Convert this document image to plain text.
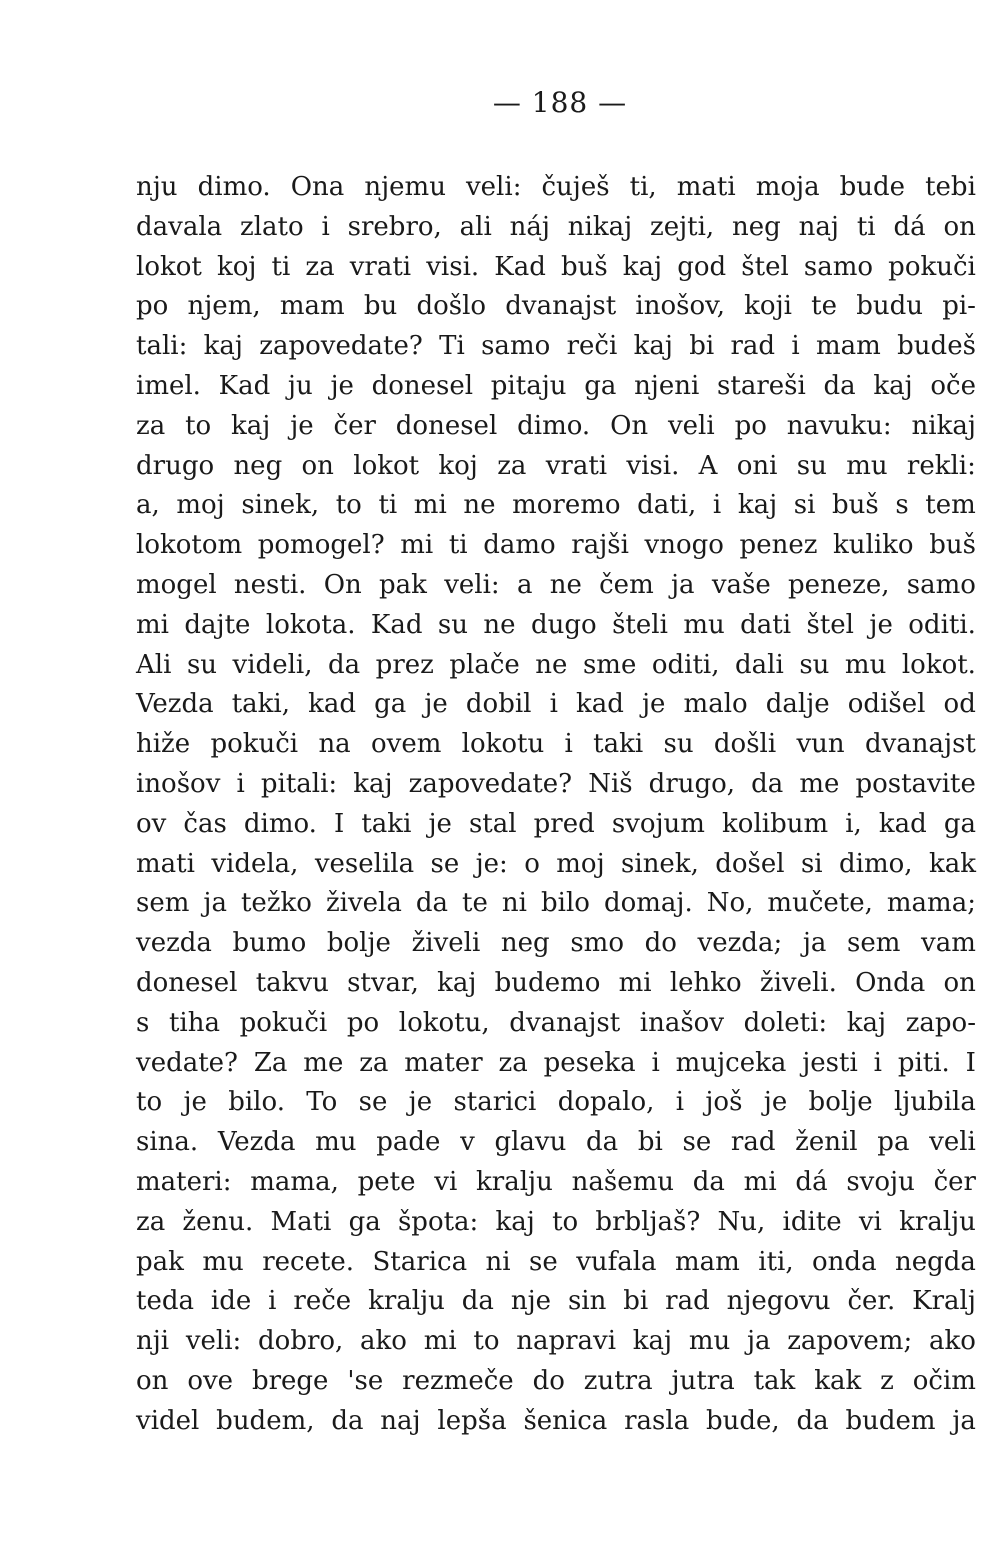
— 188 —
nju dimo. Ona njemu veli: čuješ ti, mati moja bude tebi
davala zlato i srebro, ali náj nikaj zejti, neg naj ti dá on
lokot koj ti za vrati visi. Kad buš kaj god štel samo pokuči
po njem, mam bu došlo dvanajst inošov, koji te budu pi-
tali: kaj zapovedate? Ti samo reči kaj bi rad i mam budeš
imel. Kad ju je donesel pitaju ga njeni stareši da kaj oče
za to kaj je čer donesel dimo. On veli po navuku: nikaj
drugo neg on lokot koj za vrati visi. A oni su mu rekli:
a, moj sinek, to ti mi ne moremo dati, i kaj si buš s tem
lokotom pomogel? mi ti damo rajši vnogo penez kuliko buš
mogel nesti. On pak veli: a ne čem ja vaše peneze, samo
mi dajte lokota. Kad su ne dugo šteli mu dati štel je oditi.
Ali su videli, da prez plače ne sme oditi, dali su mu lokot.
Vezda taki, kad ga je dobil i kad je malo dalje odišel od
hiže pokuči na ovem lokotu i taki su došli vun dvanajst
inošov i pitali: kaj zapovedate? Niš drugo, da me postavite
ov čas dimo. I taki je stal pred svojum kolibum i, kad ga
mati videla, veselila se je: o moj sinek, došel si dimo, kak
sem ja težko živela da te ni bilo domaj. No, mučete, mama;
vezda bumo bolje živeli neg smo do vezda; ja sem vam
donesel takvu stvar, kaj budemo mi lehko živeli. Onda on
s tiha pokuči po lokotu, dvanajst inašov doleti: kaj zapo-
vedate? Za me za mater za peseka i mujceka jesti i piti. I
to je bilo. To se je starici dopalo, i još je bolje ljubila
sina. Vezda mu pade v glavu da bi se rad ženil pa veli
materi: mama, pete vi kralju našemu da mi dá svoju čer
za ženu. Mati ga špota: kaj to brbljaš? Nu, idite vi kralju
pak mu recete. Starica ni se vufala mam iti, onda negda
teda ide i reče kralju da nje sin bi rad njegovu čer. Kralj
nji veli: dobro, ako mi to napravi kaj mu ja zapovem; ako
on ove brege 'se rezmeče do zutra jutra tak kak z očim
videl budem, da naj lepša šenica rasla bude, da budem ja
